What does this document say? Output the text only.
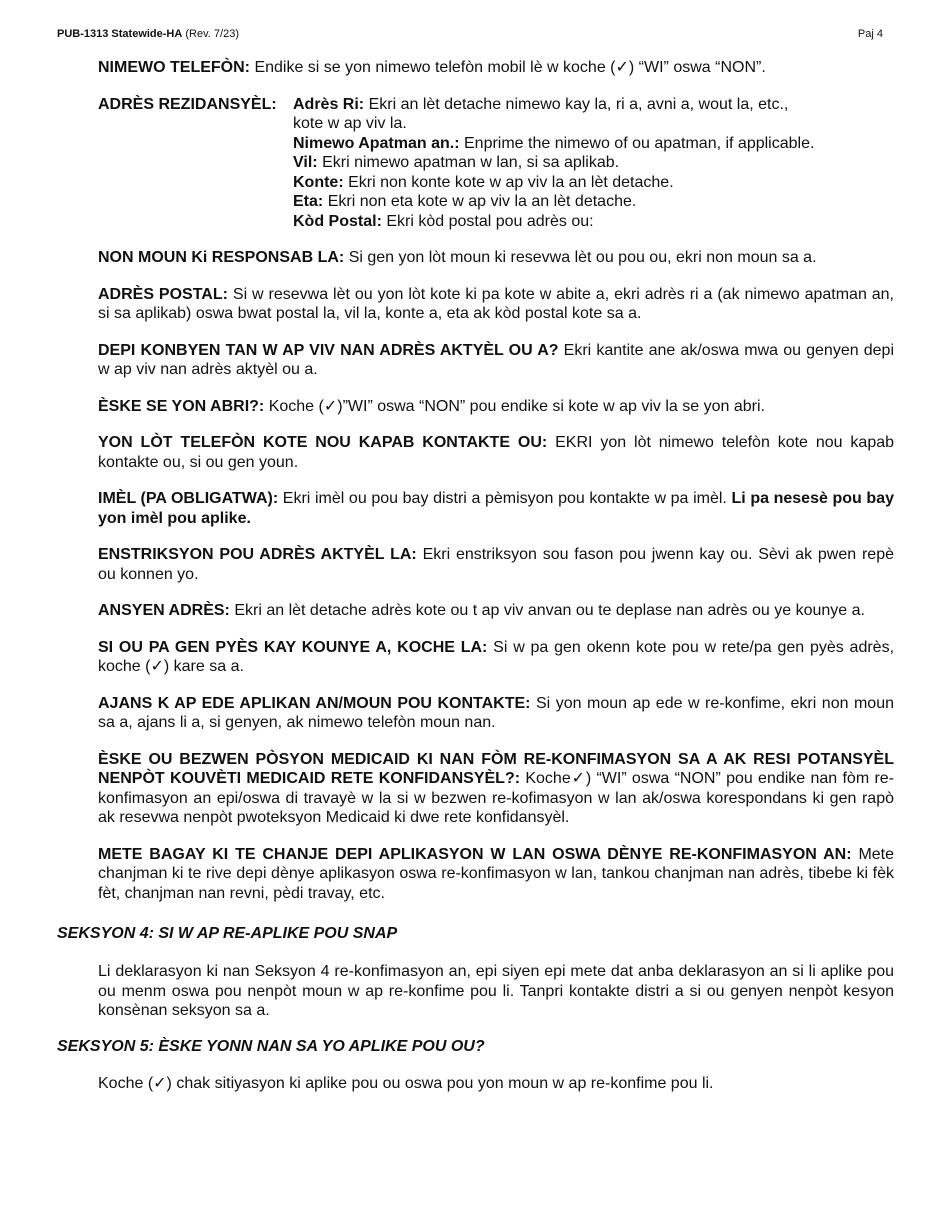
PUB-1313 Statewide-HA (Rev. 7/23)	Paj 4

NIMEWO TELEFÒN: Endike si se yon nimewo telefòn mobil lè w koche (✓) “WI” oswa “NON”.

ADRÈS REZIDANSYÈL:	Adrès Ri: Ekri an lèt detache nimewo kay la, ri a, avni a, wout la, etc.,
kote w ap viv la.
Nimewo Apatman an.: Enprime the nimewo of ou apatman, if applicable.
Vil: Ekri nimewo apatman w lan, si sa aplikab.
Konte: Ekri non konte kote w ap viv la an lèt detache.
Eta: Ekri non eta kote w ap viv la an lèt detache.
Kòd Postal: Ekri kòd postal pou adrès ou:

NON MOUN Ki RESPONSAB LA: Si gen yon lòt moun ki resevwa lèt ou pou ou, ekri non moun sa a.

ADRÈS POSTAL: Si w resevwa lèt ou yon lòt kote ki pa kote w abite a, ekri adrès ri a (ak nimewo apatman an, si sa aplikab) oswa bwat postal la, vil la, konte a, eta ak kòd postal kote sa a.

DEPI KONBYEN TAN W AP VIV NAN ADRÈS AKTYÈL OU A? Ekri kantite ane ak/oswa mwa ou genyen depi w ap viv nan adrès aktyèl ou a.

ÈSKE SE YON ABRI?: Koche (✓)”WI” oswa “NON” pou endike si kote w ap viv la se yon abri.

YON LÒT TELEFÒN KOTE NOU KAPAB KONTAKTE OU: EKRI yon lòt nimewo telefòn kote nou kapab kontakte ou, si ou gen youn.

IMÈL (PA OBLIGATWA): Ekri imèl ou pou bay distri a pèmisyon pou kontakte w pa imèl. Li pa nesesè pou bay yon imèl pou aplike.

ENSTRIKSYON POU ADRÈS AKTYÈL LA: Ekri enstriksyon sou fason pou jwenn kay ou. Sèvi ak pwen repè ou konnen yo.

ANSYEN ADRÈS: Ekri an lèt detache adrès kote ou t ap viv anvan ou te deplase nan adrès ou ye kounye a.

SI OU PA GEN PYÈS KAY KOUNYE A, KOCHE LA: Si w pa gen okenn kote pou w rete/pa gen pyès adrès, koche (✓) kare sa a.

AJANS K AP EDE APLIKAN AN/MOUN POU KONTAKTE: Si yon moun ap ede w re-konfime, ekri non moun sa a, ajans li a, si genyen, ak nimewo telefòn moun nan.

ÈSKE OU BEZWEN PÒSYON MEDICAID KI NAN FÒM RE-KONFIMASYON SA A AK RESI POTANSYÈL NENPÒT KOUVÈTI MEDICAID RETE KONFIDANSYÈL?: Koche✓) “WI” oswa “NON” pou endike nan fòm re-konfimasyon an epi/oswa di travayè w la si w bezwen re-kofimasyon w lan ak/oswa korespondans ki gen rapò ak resevwa nenpòt pwoteksyon Medicaid ki dwe rete konfidansyèl.

METE BAGAY KI TE CHANJE DEPI APLIKASYON W LAN OSWA DÈNYE RE-KONFIMASYON AN: Mete chanjman ki te rive depi dènye aplikasyon oswa re-konfimasyon w lan, tankou chanjman nan adrès, tibebe ki fèk fèt, chanjman nan revni, pèdi travay, etc.

SEKSYON 4: SI W AP RE-APLIKE POU SNAP
Li deklarasyon ki nan Seksyon 4 re-konfimasyon an, epi siyen epi mete dat anba deklarasyon an si li aplike pou ou menm oswa pou nenpòt moun w ap re-konfime pou li. Tanpri kontakte distri a si ou genyen nenpòt kesyon konsènan seksyon sa a.
SEKSYON 5: ÈSKE YONN NAN SA YO APLIKE POU OU?
Koche (✓) chak sitiyasyon ki aplike pou ou oswa pou yon moun w ap re-konfime pou li.
